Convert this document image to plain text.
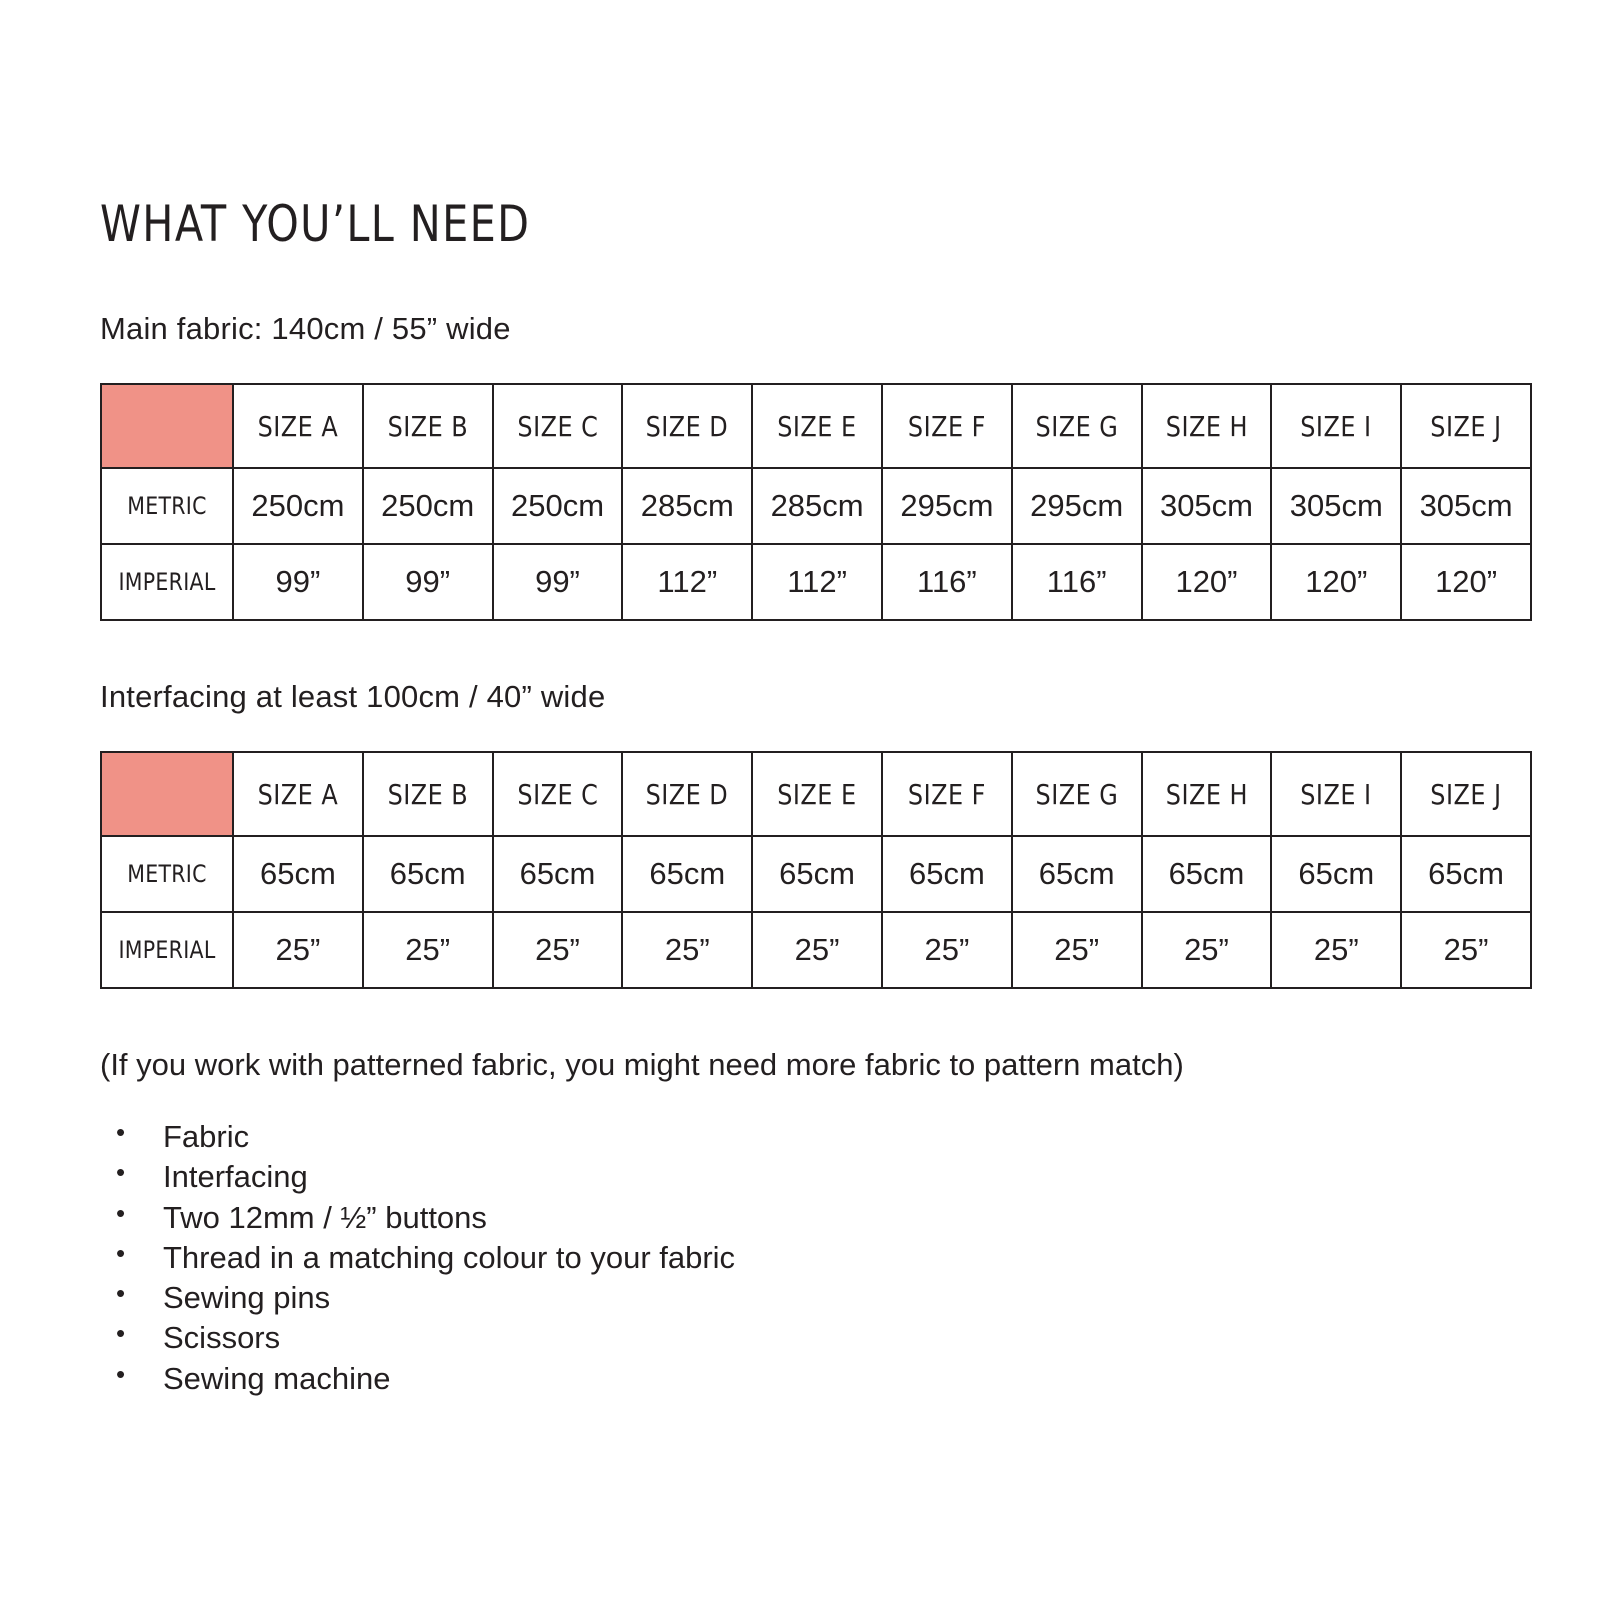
WHAT YOU’LL NEED

Main fabric: 140cm / 55” wide

	SIZE A	SIZE B	SIZE C	SIZE D	SIZE E	SIZE F	SIZE G	SIZE H	SIZE I	SIZE J
METRIC	250cm	250cm	250cm	285cm	285cm	295cm	295cm	305cm	305cm	305cm
IMPERIAL	99”	99”	99”	112”	112”	116”	116”	120”	120”	120”

Interfacing at least 100cm / 40” wide

	SIZE A	SIZE B	SIZE C	SIZE D	SIZE E	SIZE F	SIZE G	SIZE H	SIZE I	SIZE J
METRIC	65cm	65cm	65cm	65cm	65cm	65cm	65cm	65cm	65cm	65cm
IMPERIAL	25”	25”	25”	25”	25”	25”	25”	25”	25”	25”

(If you work with patterned fabric, you might need more fabric to pattern match)

• Fabric
• Interfacing
• Two 12mm / ½” buttons
• Thread in a matching colour to your fabric
• Sewing pins
• Scissors
• Sewing machine
